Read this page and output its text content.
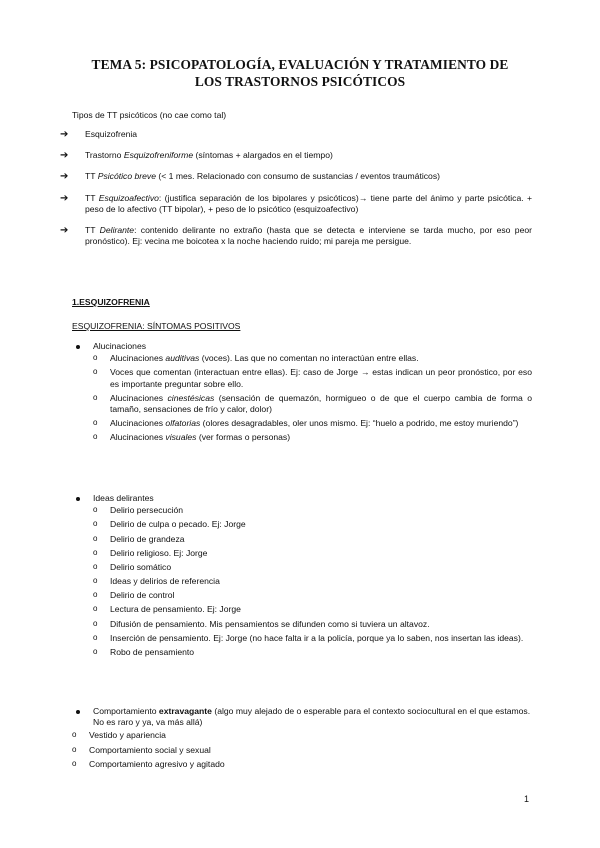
TEMA 5: PSICOPATOLOGÍA, EVALUACIÓN Y TRATAMIENTO DE
LOS TRASTORNOS PSICÓTICOS
Tipos de TT psicóticos (no cae como tal)
➔ Esquizofrenia
➔ Trastorno Esquizofreniforme (síntomas + alargados en el tiempo)
➔ TT Psicótico breve (< 1 mes. Relacionado con consumo de sustancias / eventos traumáticos)
➔ TT Esquizoafectivo: (justifica separación de los bipolares y psicóticos)→ tiene parte del ánimo y parte psicótica. + peso de lo afectivo (TT bipolar), + peso de lo psicótico (esquizoafectivo)
➔ TT Delirante: contenido delirante no extraño (hasta que se detecta e interviene se tarda mucho, por eso peor pronóstico). Ej: vecina me boicotea x la noche haciendo ruido; mi pareja me persigue.
1.ESQUIZOFRENIA
ESQUIZOFRENIA: SÍNTOMAS POSITIVOS
Alucinaciones
o Alucinaciones auditivas (voces). Las que no comentan no interactúan entre ellas.
o Voces que comentan (interactuan entre ellas). Ej: caso de Jorge → estas indican un peor pronóstico, por eso es importante preguntar sobre ello.
o Alucinaciones cinestésicas (sensación de quemazón, hormigueo o de que el cuerpo cambia de forma o tamaño, sensaciones de frío y calor, dolor)
o Alucinaciones olfatorias (olores desagradables, oler unos mismo. Ej: “huelo a podrido, me estoy muriendo”)
o Alucinaciones visuales (ver formas o personas)
Ideas delirantes
o Delirio persecución
o Delirio de culpa o pecado. Ej: Jorge
o Delirio de grandeza
o Delirio religioso. Ej: Jorge
o Delirio somático
o Ideas y delirios de referencia
o Delirio de control
o Lectura de pensamiento. Ej: Jorge
o Difusión de pensamiento. Mis pensamientos se difunden como si tuviera un altavoz.
o Inserción de pensamiento. Ej: Jorge (no hace falta ir a la policía, porque ya lo saben, nos insertan las ideas).
o Robo de pensamiento
Comportamiento extravagante (algo muy alejado de o esperable para el contexto sociocultural en el que estamos. No es raro y ya, va más allá)
o Vestido y apariencia
o Comportamiento social y sexual
o Comportamiento agresivo y agitado
1
